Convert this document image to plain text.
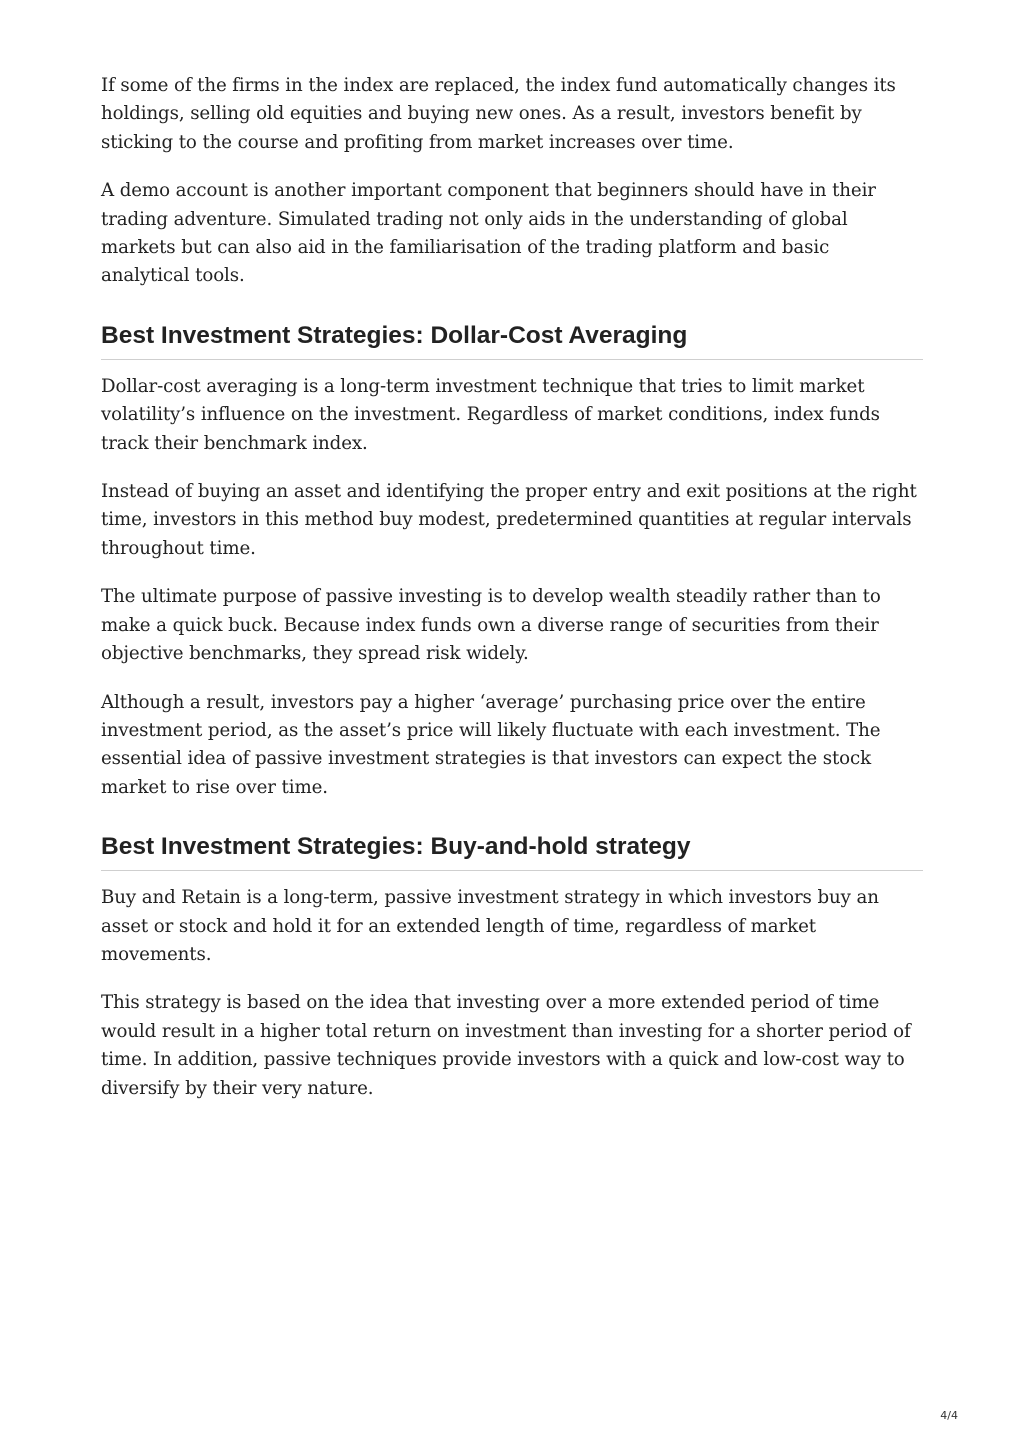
If some of the firms in the index are replaced, the index fund automatically changes its holdings, selling old equities and buying new ones. As a result, investors benefit by sticking to the course and profiting from market increases over time.

A demo account is another important component that beginners should have in their trading adventure. Simulated trading not only aids in the understanding of global markets but can also aid in the familiarisation of the trading platform and basic analytical tools.

Best Investment Strategies: Dollar-Cost Averaging

Dollar-cost averaging is a long-term investment technique that tries to limit market volatility’s influence on the investment. Regardless of market conditions, index funds track their benchmark index.

Instead of buying an asset and identifying the proper entry and exit positions at the right time, investors in this method buy modest, predetermined quantities at regular intervals throughout time.

The ultimate purpose of passive investing is to develop wealth steadily rather than to make a quick buck. Because index funds own a diverse range of securities from their objective benchmarks, they spread risk widely.

Although a result, investors pay a higher ‘average’ purchasing price over the entire investment period, as the asset’s price will likely fluctuate with each investment. The essential idea of passive investment strategies is that investors can expect the stock market to rise over time.

Best Investment Strategies: Buy-and-hold strategy

Buy and Retain is a long-term, passive investment strategy in which investors buy an asset or stock and hold it for an extended length of time, regardless of market movements.

This strategy is based on the idea that investing over a more extended period of time would result in a higher total return on investment than investing for a shorter period of time. In addition, passive techniques provide investors with a quick and low-cost way to diversify by their very nature.

4/4
